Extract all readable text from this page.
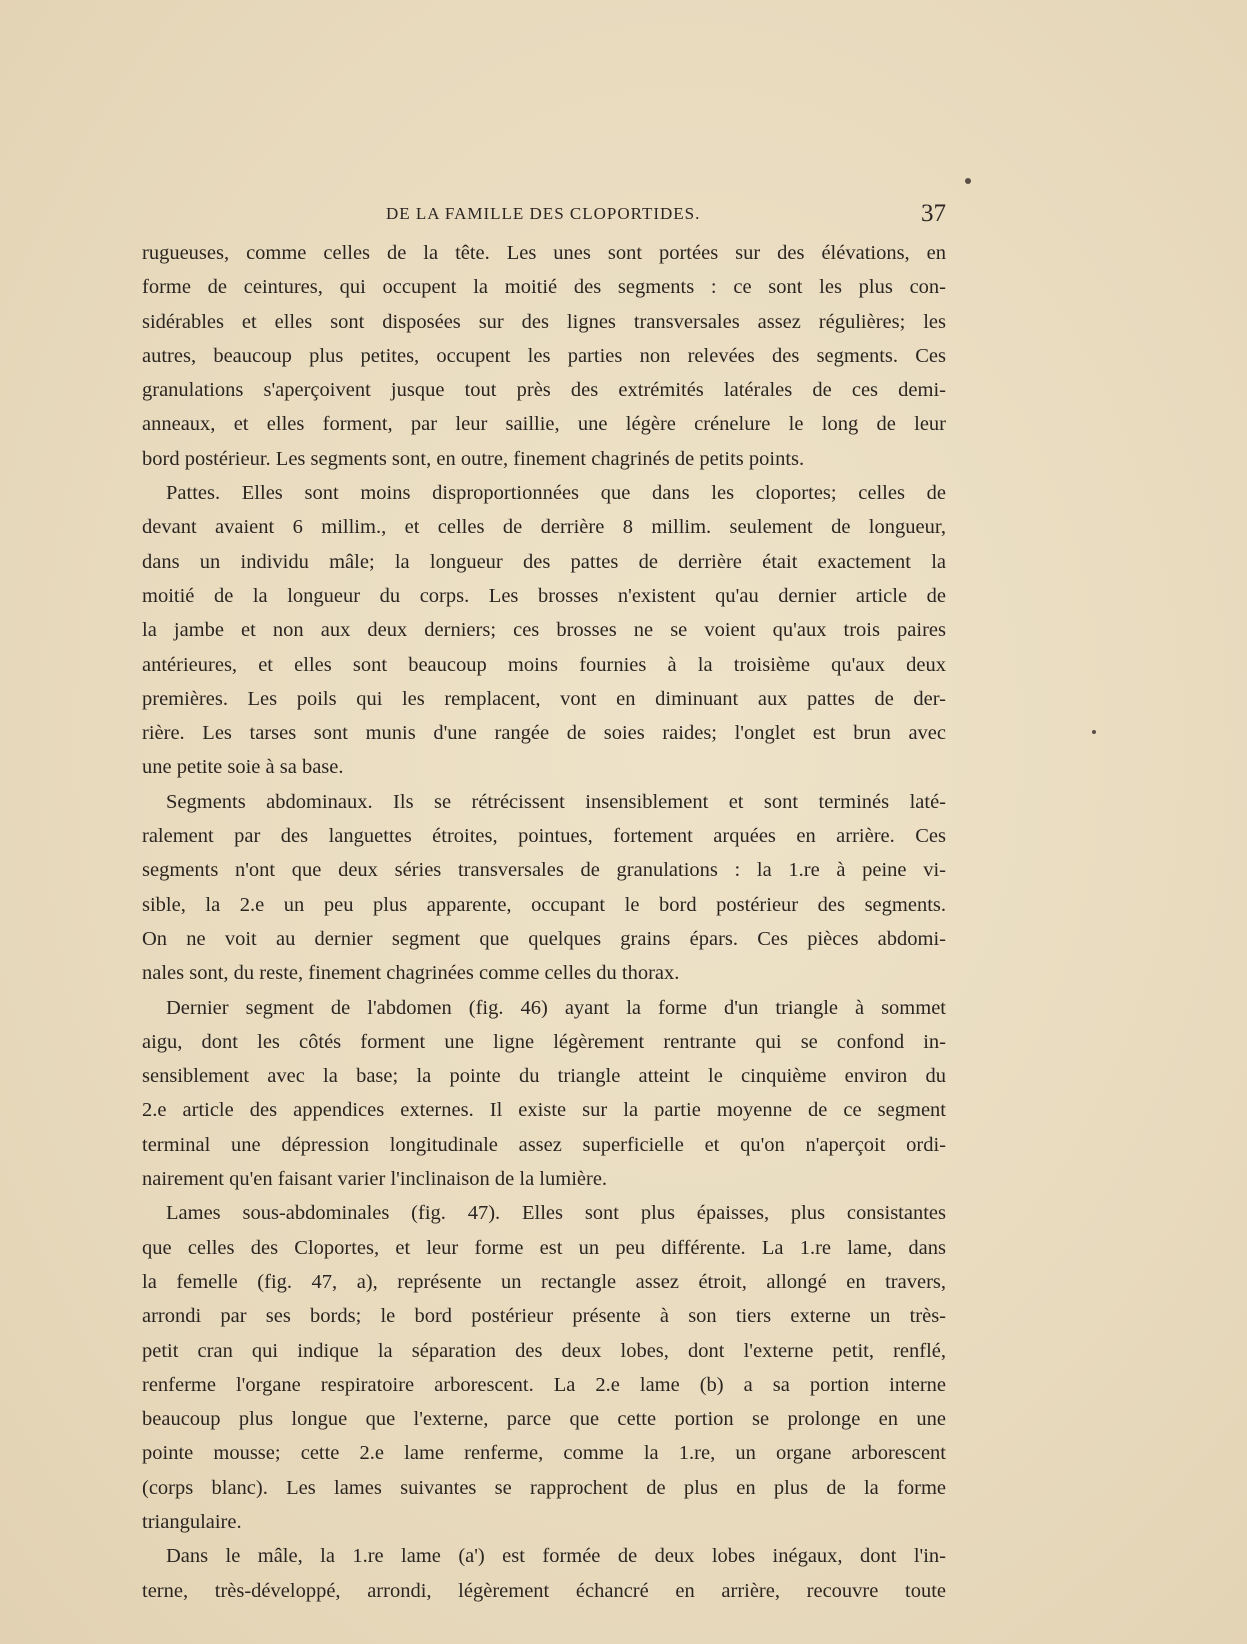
DE LA FAMILLE DES CLOPORTIDES.	37
rugueuses, comme celles de la tête. Les unes sont portées sur des élévations, en
forme de ceintures, qui occupent la moitié des segments : ce sont les plus con-
sidérables et elles sont disposées sur des lignes transversales assez régulières; les
autres, beaucoup plus petites, occupent les parties non relevées des segments. Ces
granulations s'aperçoivent jusque tout près des extrémités latérales de ces demi-
anneaux, et elles forment, par leur saillie, une légère crénelure le long de leur
bord postérieur. Les segments sont, en outre, finement chagrinés de petits points.
Pattes. Elles sont moins disproportionnées que dans les cloportes; celles de
devant avaient 6 millim., et celles de derrière 8 millim. seulement de longueur,
dans un individu mâle; la longueur des pattes de derrière était exactement la
moitié de la longueur du corps. Les brosses n'existent qu'au dernier article de
la jambe et non aux deux derniers; ces brosses ne se voient qu'aux trois paires
antérieures, et elles sont beaucoup moins fournies à la troisième qu'aux deux
premières. Les poils qui les remplacent, vont en diminuant aux pattes de der-
rière. Les tarses sont munis d'une rangée de soies raides; l'onglet est brun avec
une petite soie à sa base.
Segments abdominaux. Ils se rétrécissent insensiblement et sont terminés laté-
ralement par des languettes étroites, pointues, fortement arquées en arrière. Ces
segments n'ont que deux séries transversales de granulations : la 1.re à peine vi-
sible, la 2.e un peu plus apparente, occupant le bord postérieur des segments.
On ne voit au dernier segment que quelques grains épars. Ces pièces abdomi-
nales sont, du reste, finement chagrinées comme celles du thorax.
Dernier segment de l'abdomen (fig. 46) ayant la forme d'un triangle à sommet
aigu, dont les côtés forment une ligne légèrement rentrante qui se confond in-
sensiblement avec la base; la pointe du triangle atteint le cinquième environ du
2.e article des appendices externes. Il existe sur la partie moyenne de ce segment
terminal une dépression longitudinale assez superficielle et qu'on n'aperçoit ordi-
nairement qu'en faisant varier l'inclinaison de la lumière.
Lames sous-abdominales (fig. 47). Elles sont plus épaisses, plus consistantes
que celles des Cloportes, et leur forme est un peu différente. La 1.re lame, dans
la femelle (fig. 47, a), représente un rectangle assez étroit, allongé en travers,
arrondi par ses bords; le bord postérieur présente à son tiers externe un très-
petit cran qui indique la séparation des deux lobes, dont l'externe petit, renflé,
renferme l'organe respiratoire arborescent. La 2.e lame (b) a sa portion interne
beaucoup plus longue que l'externe, parce que cette portion se prolonge en une
pointe mousse; cette 2.e lame renferme, comme la 1.re, un organe arborescent
(corps blanc). Les lames suivantes se rapprochent de plus en plus de la forme
triangulaire.
Dans le mâle, la 1.re lame (a') est formée de deux lobes inégaux, dont l'in-
terne, très-développé, arrondi, légèrement échancré en arrière, recouvre toute
